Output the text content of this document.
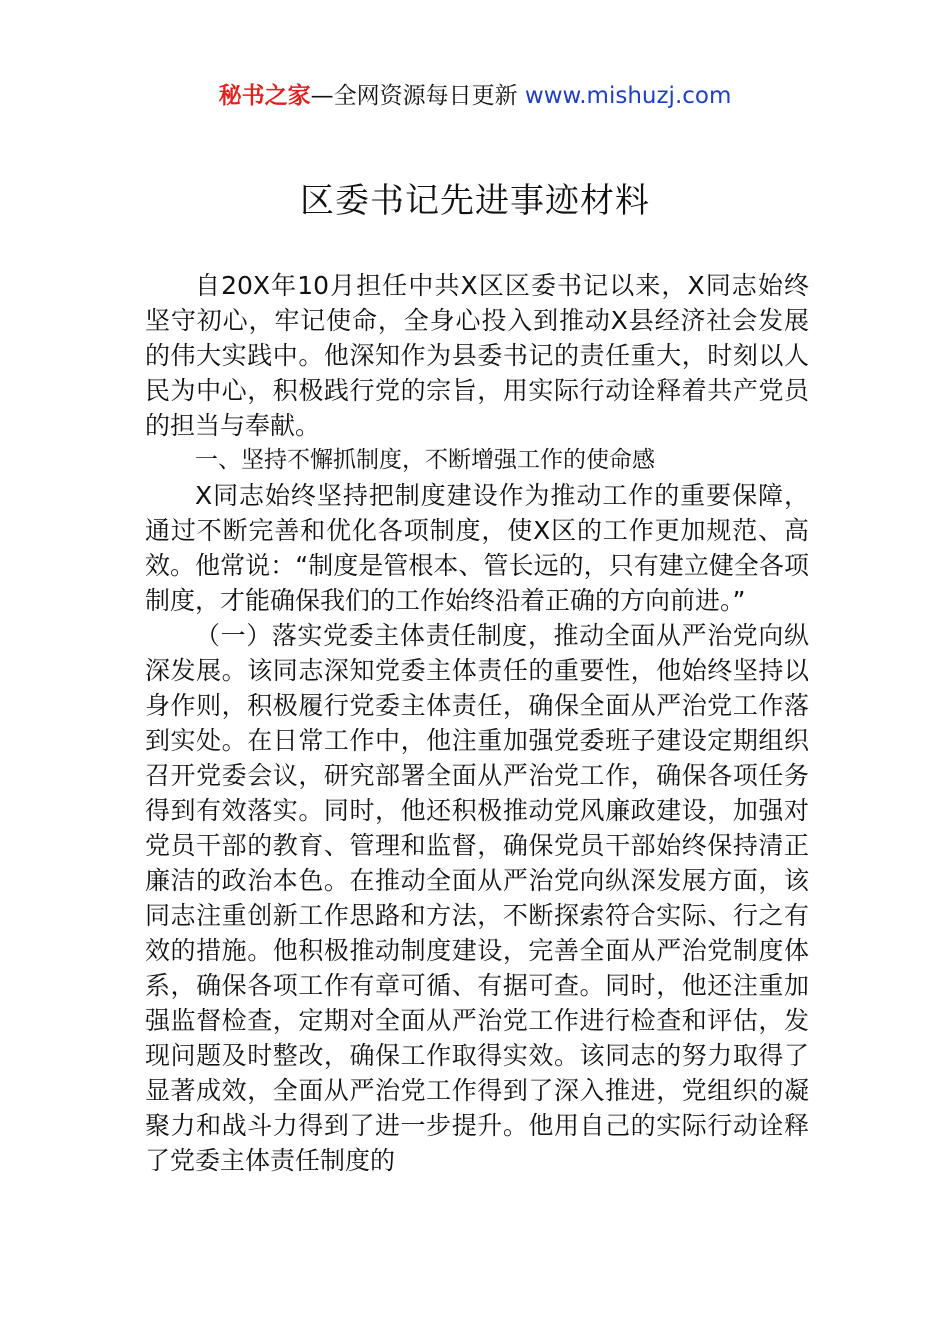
秘书之家—全网资源每日更新 www.mishuzj.com
区委书记先进事迹材料

自20X年10月担任中共X区区委书记以来，X同志始终坚守初心，牢记使命，全身心投入到推动X县经济社会发展的伟大实践中。他深知作为县委书记的责任重大，时刻以人民为中心，积极践行党的宗旨，用实际行动诠释着共产党员的担当与奉献。

一、坚持不懈抓制度，不断增强工作的使命感

X同志始终坚持把制度建设作为推动工作的重要保障，通过不断完善和优化各项制度，使X区的工作更加规范、高效。他常说：“制度是管根本、管长远的，只有建立健全各项制度，才能确保我们的工作始终沿着正确的方向前进。”

（一）落实党委主体责任制度，推动全面从严治党向纵深发展。该同志深知党委主体责任的重要性，他始终坚持以身作则，积极履行党委主体责任，确保全面从严治党工作落到实处。在日常工作中，他注重加强党委班子建设定期组织召开党委会议，研究部署全面从严治党工作，确保各项任务得到有效落实。同时，他还积极推动党风廉政建设，加强对党员干部的教育、管理和监督，确保党员干部始终保持清正廉洁的政治本色。在推动全面从严治党向纵深发展方面，该同志注重创新工作思路和方法，不断探索符合实际、行之有效的措施。他积极推动制度建设，完善全面从严治党制度体系，确保各项工作有章可循、有据可查。同时，他还注重加强监督检查，定期对全面从严治党工作进行检查和评估，发现问题及时整改，确保工作取得实效。该同志的努力取得了显著成效，全面从严治党工作得到了深入推进，党组织的凝聚力和战斗力得到了进一步提升。他用自己的实际行动诠释了党委主体责任制度的
